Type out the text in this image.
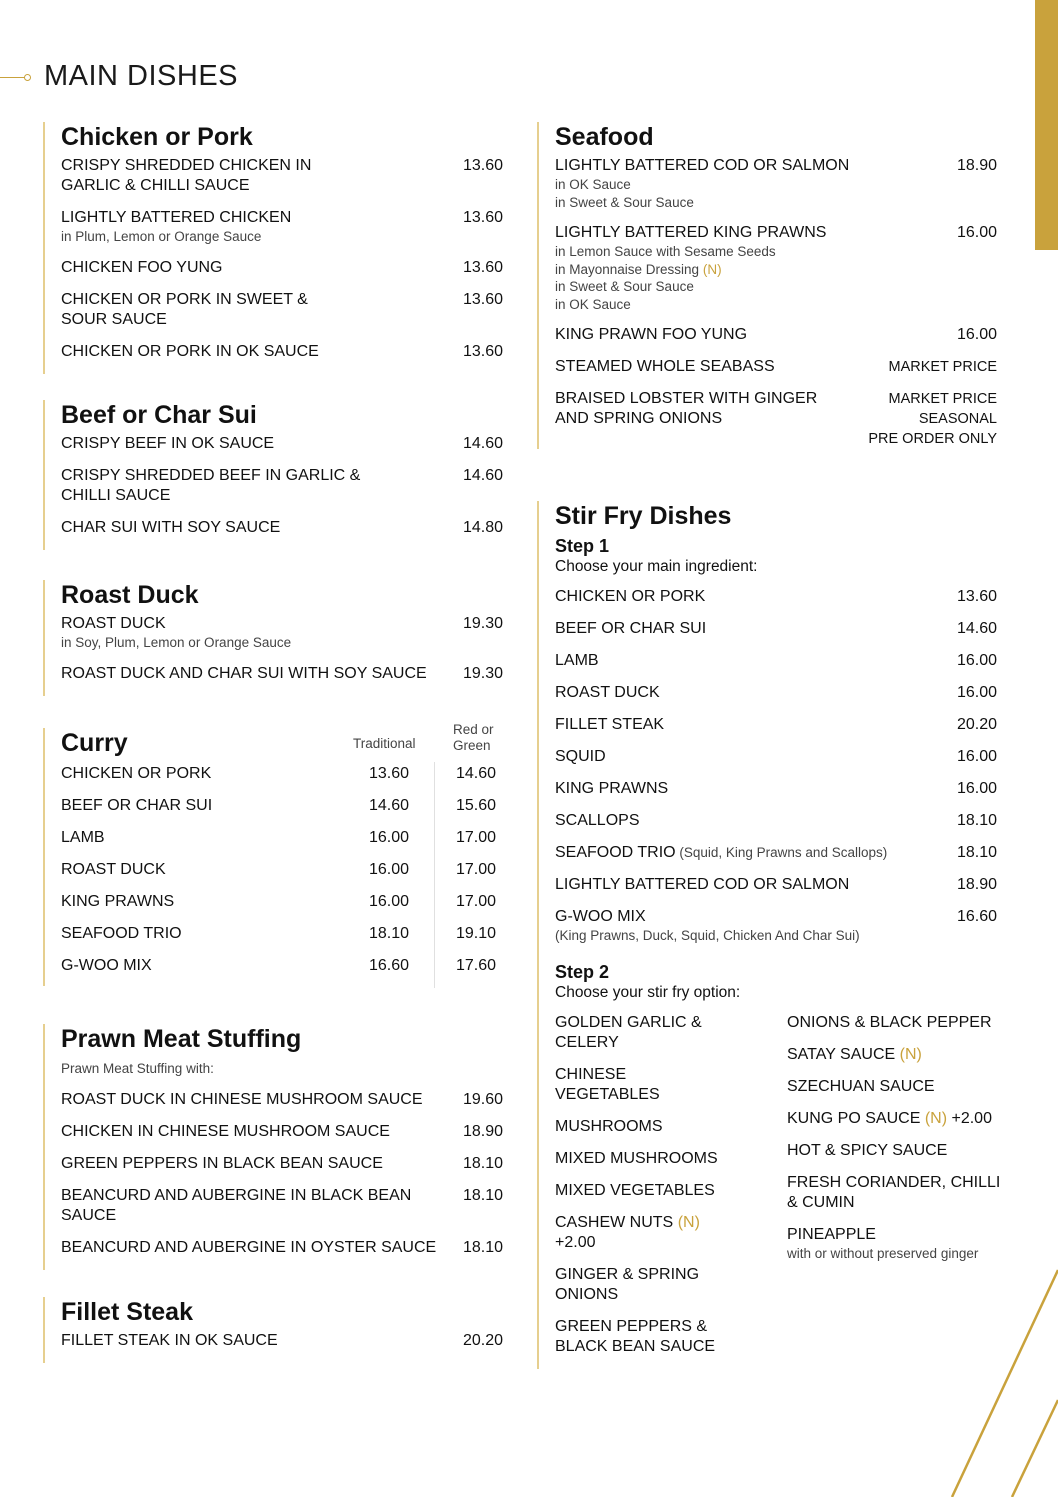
MAIN DISHES
Chicken or Pork
CRISPY SHREDDED CHICKEN IN GARLIC & CHILLI SAUCE
13.60
LIGHTLY BATTERED CHICKEN
in Plum, Lemon or Orange Sauce
13.60
CHICKEN FOO YUNG	13.60
CHICKEN OR PORK IN SWEET & SOUR SAUCE
13.60
CHICKEN OR PORK IN OK SAUCE	13.60
Beef or Char Sui
CRISPY BEEF IN OK SAUCE	14.60
CRISPY SHREDDED BEEF IN GARLIC & CHILLI SAUCE
14.60
CHAR SUI WITH SOY SAUCE	14.80
Roast Duck
ROAST DUCK
in Soy, Plum, Lemon or Orange Sauce
19.30
ROAST DUCK AND CHAR SUI WITH SOY SAUCE 19.30
Curry	Traditional
Red or
Green
CHICKEN OR PORK	13.60	14.60
BEEF OR CHAR SUI	14.60	15.60
LAMB	16.00	17.00
ROAST DUCK	16.00	17.00
KING PRAWNS	16.00	17.00
SEAFOOD TRIO	18.10	19.10
G-WOO MIX	16.60	17.60
Prawn Meat Stuffing
Prawn Meat Stuffing with:
ROAST DUCK IN CHINESE MUSHROOM SAUCE	19.60
CHICKEN IN CHINESE MUSHROOM SAUCE	18.90
GREEN PEPPERS IN BLACK BEAN SAUCE	18.10
BEANCURD AND AUBERGINE IN BLACK BEAN SAUCE
18.10
BEANCURD AND AUBERGINE IN OYSTER SAUCE	18.10
Fillet Steak
FILLET STEAK IN OK SAUCE	20.20
Seafood
LIGHTLY BATTERED COD OR SALMON
in OK Sauce
in Sweet & Sour Sauce
18.90
LIGHTLY BATTERED KING PRAWNS
in Lemon Sauce with Sesame Seeds
in Mayonnaise Dressing (N)
in Sweet & Sour Sauce
in OK Sauce
16.00
KING PRAWN FOO YUNG	16.00
STEAMED WHOLE SEABASS	MARKET PRICE
BRAISED LOBSTER WITH GINGER AND SPRING ONIONS
MARKET PRICE
SEASONAL
PRE ORDER ONLY
Stir Fry Dishes
Step 1
Choose your main ingredient:
CHICKEN OR PORK	13.60
BEEF OR CHAR SUI	14.60
LAMB	16.00
ROAST DUCK	16.00
FILLET STEAK	20.20
SQUID	16.00
KING PRAWNS	16.00
SCALLOPS	18.10
SEAFOOD TRIO (Squid, King Prawns and Scallops)	18.10
LIGHTLY BATTERED COD OR SALMON	18.90
G-WOO MIX
(King Prawns, Duck, Squid, Chicken And Char Sui)
16.60
Step 2
Choose your stir fry option:
GOLDEN GARLIC & CELERY
CHINESE VEGETABLES
MUSHROOMS
MIXED MUSHROOMS
MIXED VEGETABLES
CASHEW NUTS (N) +2.00
GINGER & SPRING ONIONS
GREEN PEPPERS & BLACK BEAN SAUCE
ONIONS & BLACK PEPPER
SATAY SAUCE (N)
SZECHUAN SAUCE
KUNG PO SAUCE (N) +2.00
HOT & SPICY SAUCE
FRESH CORIANDER, CHILLI & CUMIN
PINEAPPLE
with or without preserved ginger
